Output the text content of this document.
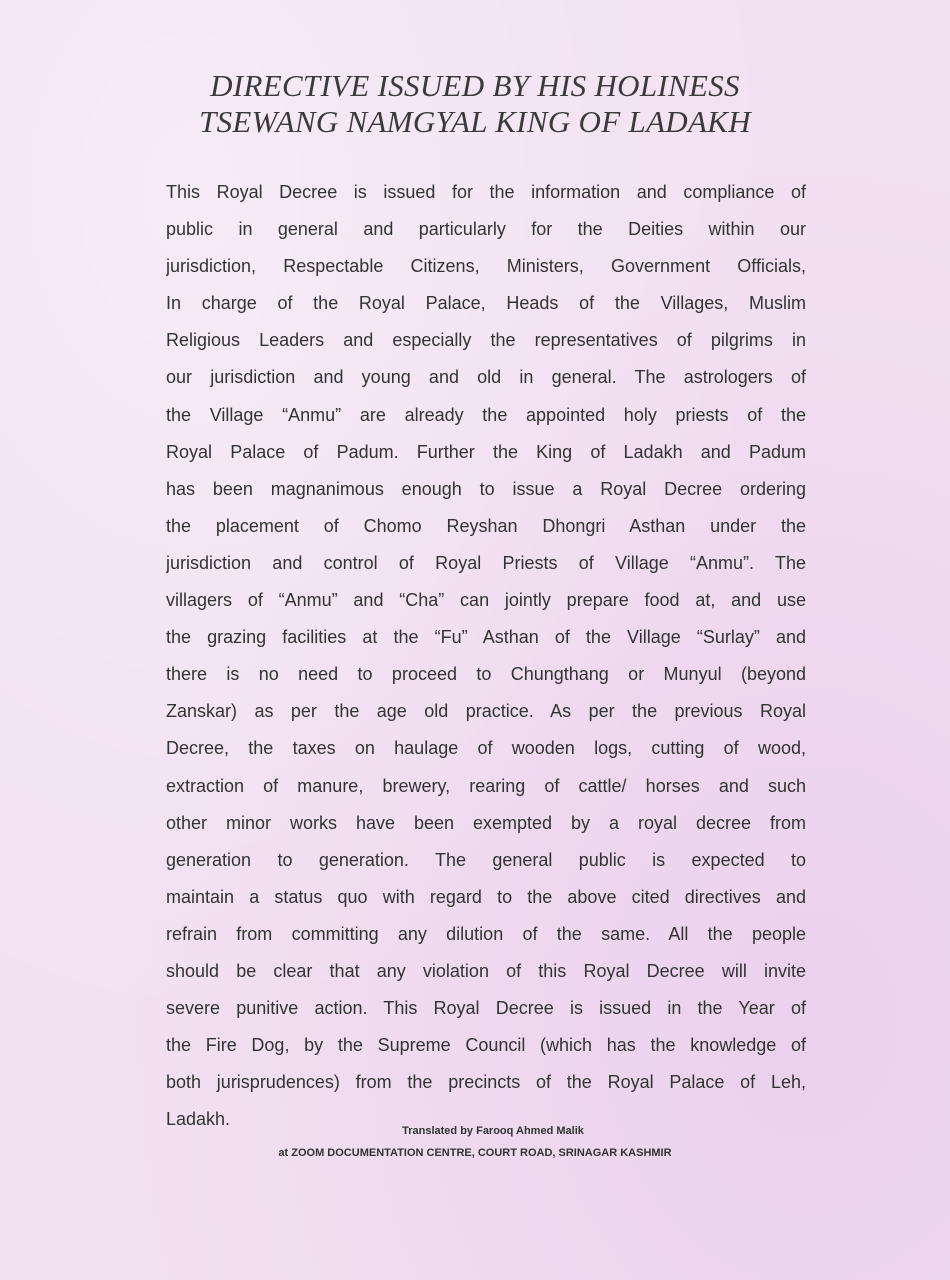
DIRECTIVE ISSUED BY HIS HOLINESS
TSEWANG NAMGYAL KING OF LADAKH
This Royal Decree is issued for the information and compliance of
public in general and particularly for the Deities within our
jurisdiction, Respectable Citizens, Ministers, Government Officials,
In charge of the Royal Palace, Heads of the Villages, Muslim
Religious Leaders and especially the representatives of pilgrims in
our jurisdiction and young and old in general. The astrologers of
the Village “Anmu” are already the appointed holy priests of the
Royal Palace of Padum. Further the King of Ladakh and Padum
has been magnanimous enough to issue a Royal Decree ordering
the placement of Chomo Reyshan Dhongri Asthan under the
jurisdiction and control of Royal Priests of Village “Anmu”. The
villagers of “Anmu” and “Cha” can jointly prepare food at, and use
the grazing facilities at the “Fu” Asthan of the Village “Surlay” and
there is no need to proceed to Chungthang or Munyul (beyond
Zanskar) as per the age old practice. As per the previous Royal
Decree, the taxes on haulage of wooden logs, cutting of wood,
extraction of manure, brewery, rearing of cattle/ horses and such
other minor works have been exempted by a royal decree from
generation to generation. The general public is expected to
maintain a status quo with regard to the above cited directives and
refrain from committing any dilution of the same. All the people
should be clear that any violation of this Royal Decree will invite
severe punitive action. This Royal Decree is issued in the Year of
the Fire Dog, by the Supreme Council (which has the knowledge of
both jurisprudences) from the precincts of the Royal Palace of Leh,
Ladakh.
Translated by Farooq Ahmed Malik
at ZOOM DOCUMENTATION CENTRE, COURT ROAD, SRINAGAR KASHMIR
